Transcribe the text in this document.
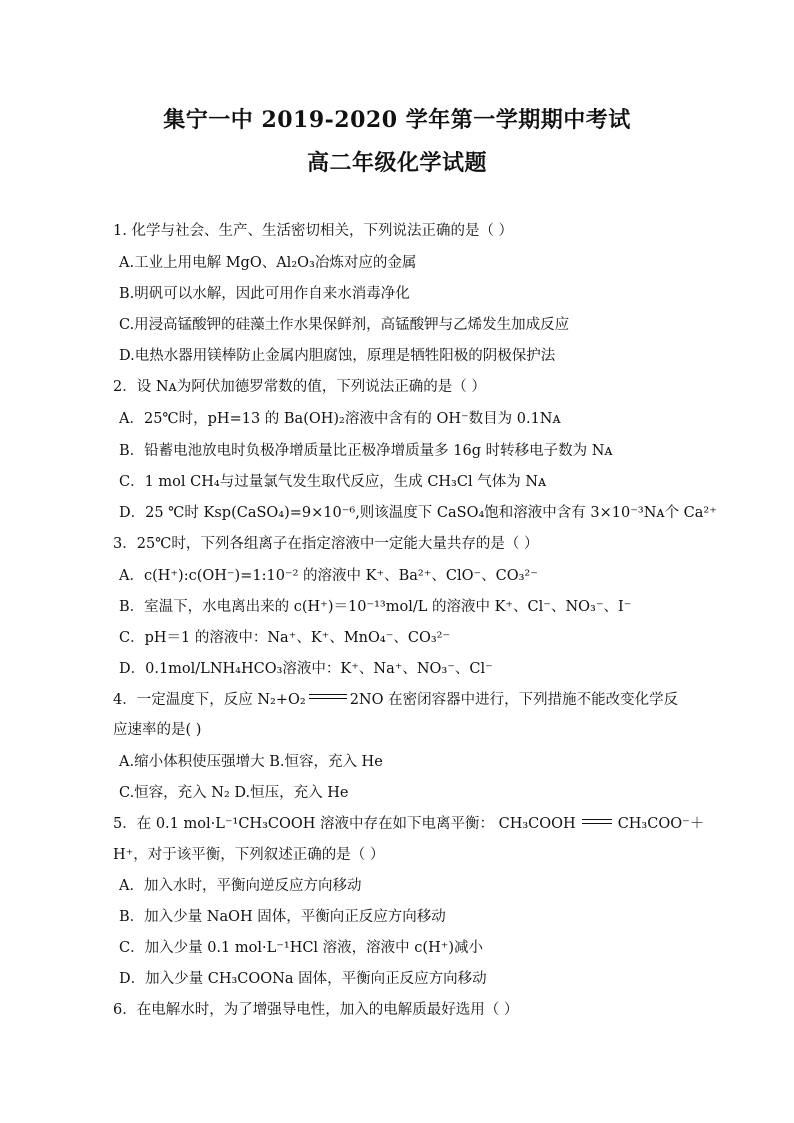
集宁一中 2019-2020 学年第一学期期中考试
高二年级化学试题
1. 化学与社会、生产、生活密切相关，下列说法正确的是（ ）
A.工业上用电解 MgO、Al₂O₃冶炼对应的金属
B.明矾可以水解，因此可用作自来水消毒净化
C.用浸高锰酸钾的硅藻土作水果保鲜剂，高锰酸钾与乙烯发生加成反应
D.电热水器用镁棒防止金属内胆腐蚀，原理是牺牲阳极的阴极保护法
2．设 Nᴀ为阿伏加德罗常数的值，下列说法正确的是（ ）
A．25℃时，pH=13 的 Ba(OH)₂溶液中含有的 OH⁻数目为 0.1Nᴀ
B．铅蓄电池放电时负极净增质量比正极净增质量多 16g 时转移电子数为 Nᴀ
C．1 mol CH₄与过量氯气发生取代反应，生成 CH₃Cl 气体为 Nᴀ
D．25 ℃时 Ksp(CaSO₄)=9×10⁻⁶,则该温度下 CaSO₄饱和溶液中含有 3×10⁻³Nᴀ个 Ca²⁺
3．25℃时，下列各组离子在指定溶液中一定能大量共存的是（ ）
A．c(H⁺):c(OH⁻)=1:10⁻² 的溶液中 K⁺、Ba²⁺、ClO⁻、CO₃²⁻
B．室温下，水电离出来的 c(H⁺)＝10⁻¹³mol/L 的溶液中 K⁺、Cl⁻、NO₃⁻、I⁻
C．pH＝1 的溶液中：Na⁺、K⁺、MnO₄⁻、CO₃²⁻
D．0.1mol/LNH₄HCO₃溶液中：K⁺、Na⁺、NO₃⁻、Cl⁻
4．一定温度下，反应 N₂+O₂	2NO 在密闭容器中进行，下列措施不能改变化学反
应速率的是( )
A.缩小体积使压强增大 B.恒容，充入 He
C.恒容，充入 N₂ D.恒压，充入 He
5．在 0.1 mol·L⁻¹CH₃COOH 溶液中存在如下电离平衡： CH₃COOH	CH₃COO⁻＋
H⁺，对于该平衡，下列叙述正确的是（ ）
A．加入水时，平衡向逆反应方向移动
B．加入少量 NaOH 固体，平衡向正反应方向移动
C．加入少量 0.1 mol·L⁻¹HCl 溶液，溶液中 c(H⁺)减小
D．加入少量 CH₃COONa 固体，平衡向正反应方向移动
6．在电解水时，为了增强导电性，加入的电解质最好选用（ ）
